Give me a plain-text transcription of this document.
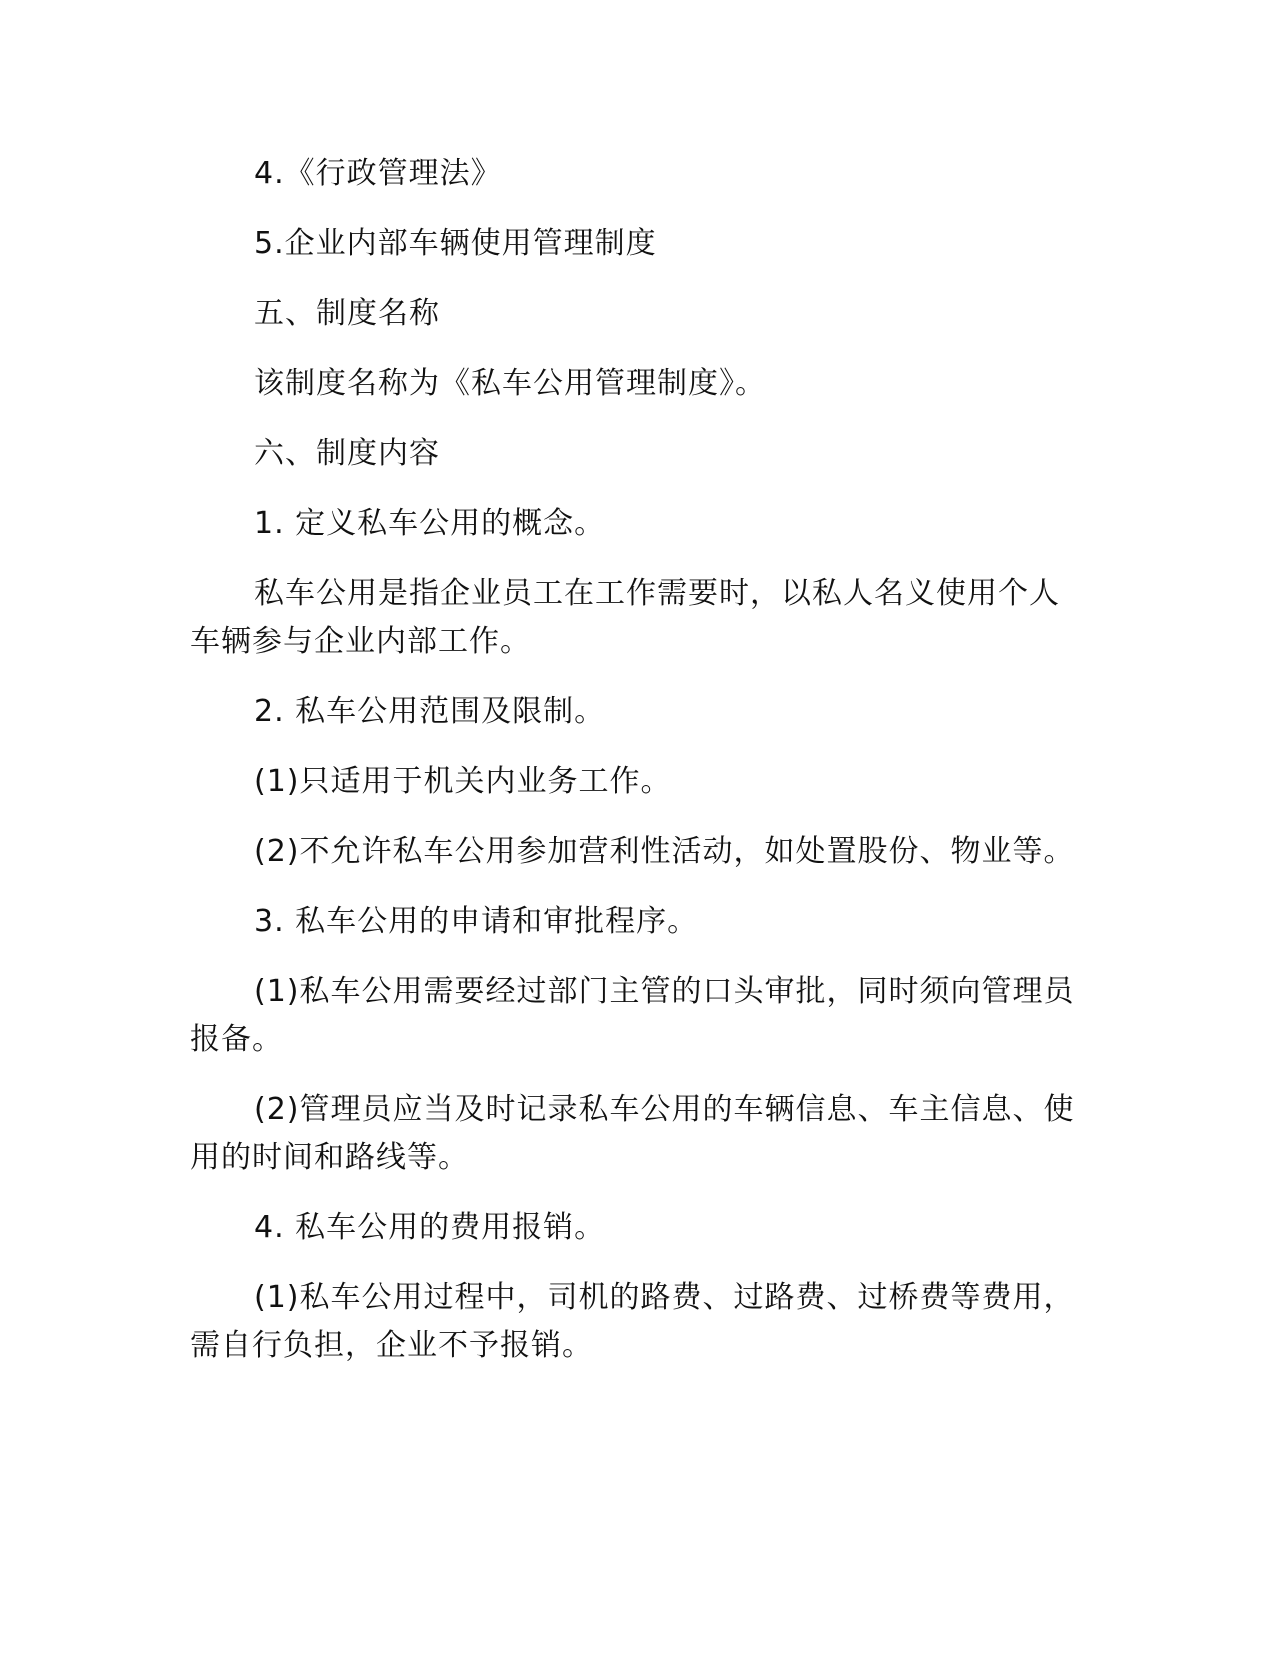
4.《行政管理法》

5.企业内部车辆使用管理制度

五、制度名称

该制度名称为《私车公用管理制度》。

六、制度内容

1. 定义私车公用的概念。

私车公用是指企业员工在工作需要时，以私人名义使用个人车辆参与企业内部工作。

2. 私车公用范围及限制。

(1)只适用于机关内业务工作。

(2)不允许私车公用参加营利性活动，如处置股份、物业等。

3. 私车公用的申请和审批程序。

(1)私车公用需要经过部门主管的口头审批，同时须向管理员报备。

(2)管理员应当及时记录私车公用的车辆信息、车主信息、使用的时间和路线等。

4. 私车公用的费用报销。

(1)私车公用过程中，司机的路费、过路费、过桥费等费用，需自行负担，企业不予报销。
